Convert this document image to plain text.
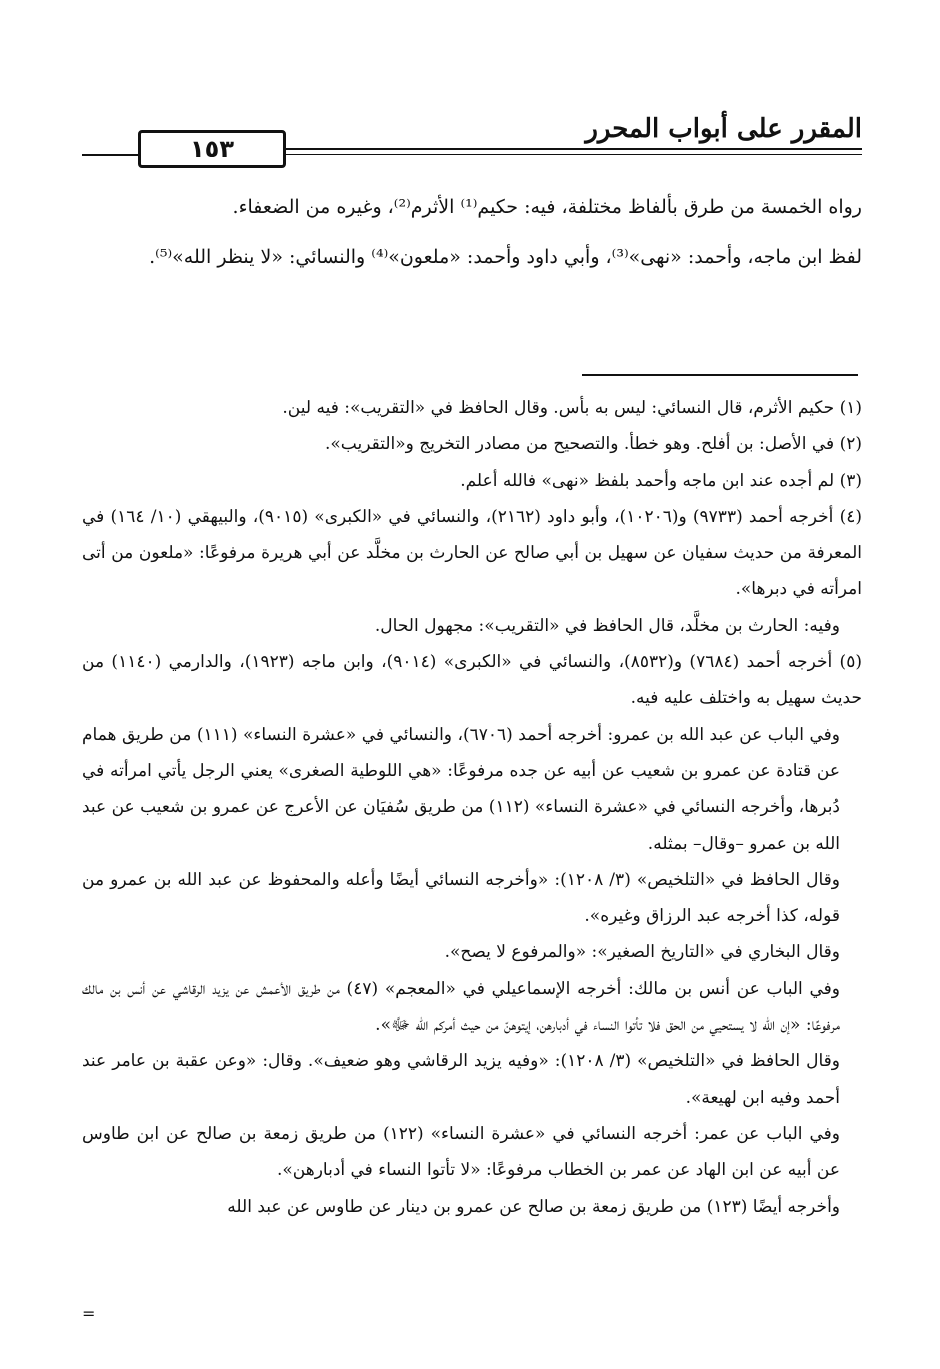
١٥٣
المقرر على أبواب المحرر

رواه الخمسة من طرق بألفاظ مختلفة، فيه: حكيم⁽¹⁾ الأثرم⁽²⁾، وغيره من الضعفاء.

لفظ ابن ماجه، وأحمد: «نهى»⁽³⁾، وأبي داود وأحمد: «ملعون»⁽⁴⁾ والنسائي: «لا ينظر الله»⁽⁵⁾.

(١) حكيم الأثرم، قال النسائي: ليس به بأس. وقال الحافظ في «التقريب»: فيه لين.

(٢) في الأصل: بن أفلح. وهو خطأ. والتصحيح من مصادر التخريج و«التقريب».

(٣) لم أجده عند ابن ماجه وأحمد بلفظ «نهى» فالله أعلم.

(٤) أخرجه أحمد (٩٧٣٣) و(١٠٢٠٦)، وأبو داود (٢١٦٢)، والنسائي في «الكبرى» (٩٠١٥)، والبيهقي (١٠/ ١٦٤) في المعرفة من حديث سفيان عن سهيل بن أبي صالح عن الحارث بن مخلَّد عن أبي هريرة مرفوعًا: «ملعون من أتى امرأته في دبرها».

وفيه: الحارث بن مخلَّد، قال الحافظ في «التقريب»: مجهول الحال.

(٥) أخرجه أحمد (٧٦٨٤) و(٨٥٣٢)، والنسائي في «الكبرى» (٩٠١٤)، وابن ماجه (١٩٢٣)، والدارمي (١١٤٠) من حديث سهيل به واختلف عليه فيه.

وفي الباب عن عبد الله بن عمرو: أخرجه أحمد (٦٧٠٦)، والنسائي في «عشرة النساء» (١١١) من طريق همام عن قتادة عن عمرو بن شعيب عن أبيه عن جده مرفوعًا: «هي اللوطية الصغرى» يعني الرجل يأتي امرأته في دُبرها، وأخرجه النسائي في «عشرة النساء» (١١٢) من طريق سُفيَان عن الأعرج عن عمرو بن شعيب عن عبد الله بن عمرو –وقال– بمثله.

وقال الحافظ في «التلخيص» (٣/ ١٢٠٨): «وأخرجه النسائي أيضًا وأعله والمحفوظ عن عبد الله بن عمرو من قوله، كذا أخرجه عبد الرزاق وغيره».

وقال البخاري في «التاريخ الصغير»: «والمرفوع لا يصح».

وفي الباب عن أنس بن مالك: أخرجه الإسماعيلي في «المعجم» (٤٧) من طريق الأعمش عن يزيد الرقاشي عن أنس بن مالك مرفوعًا: «إن الله لا يستحيي من الحق فلا تأتوا النساء في أدبارهن، إيتوهنّ من حيث أمركم الله ﷻ».

وقال الحافظ في «التلخيص» (٣/ ١٢٠٨): «وفيه يزيد الرقاشي وهو ضعيف». وقال: «وعن عقبة بن عامر عند أحمد وفيه ابن لهيعة».

وفي الباب عن عمر: أخرجه النسائي في «عشرة النساء» (١٢٢) من طريق زمعة بن صالح عن ابن طاوس عن أبيه عن ابن الهاد عن عمر بن الخطاب مرفوعًا: «لا تأتوا النساء في أدبارهن».

وأخرجه أيضًا (١٢٣) من طريق زمعة بن صالح عن عمرو بن دينار عن طاوس عن عبد الله

=
